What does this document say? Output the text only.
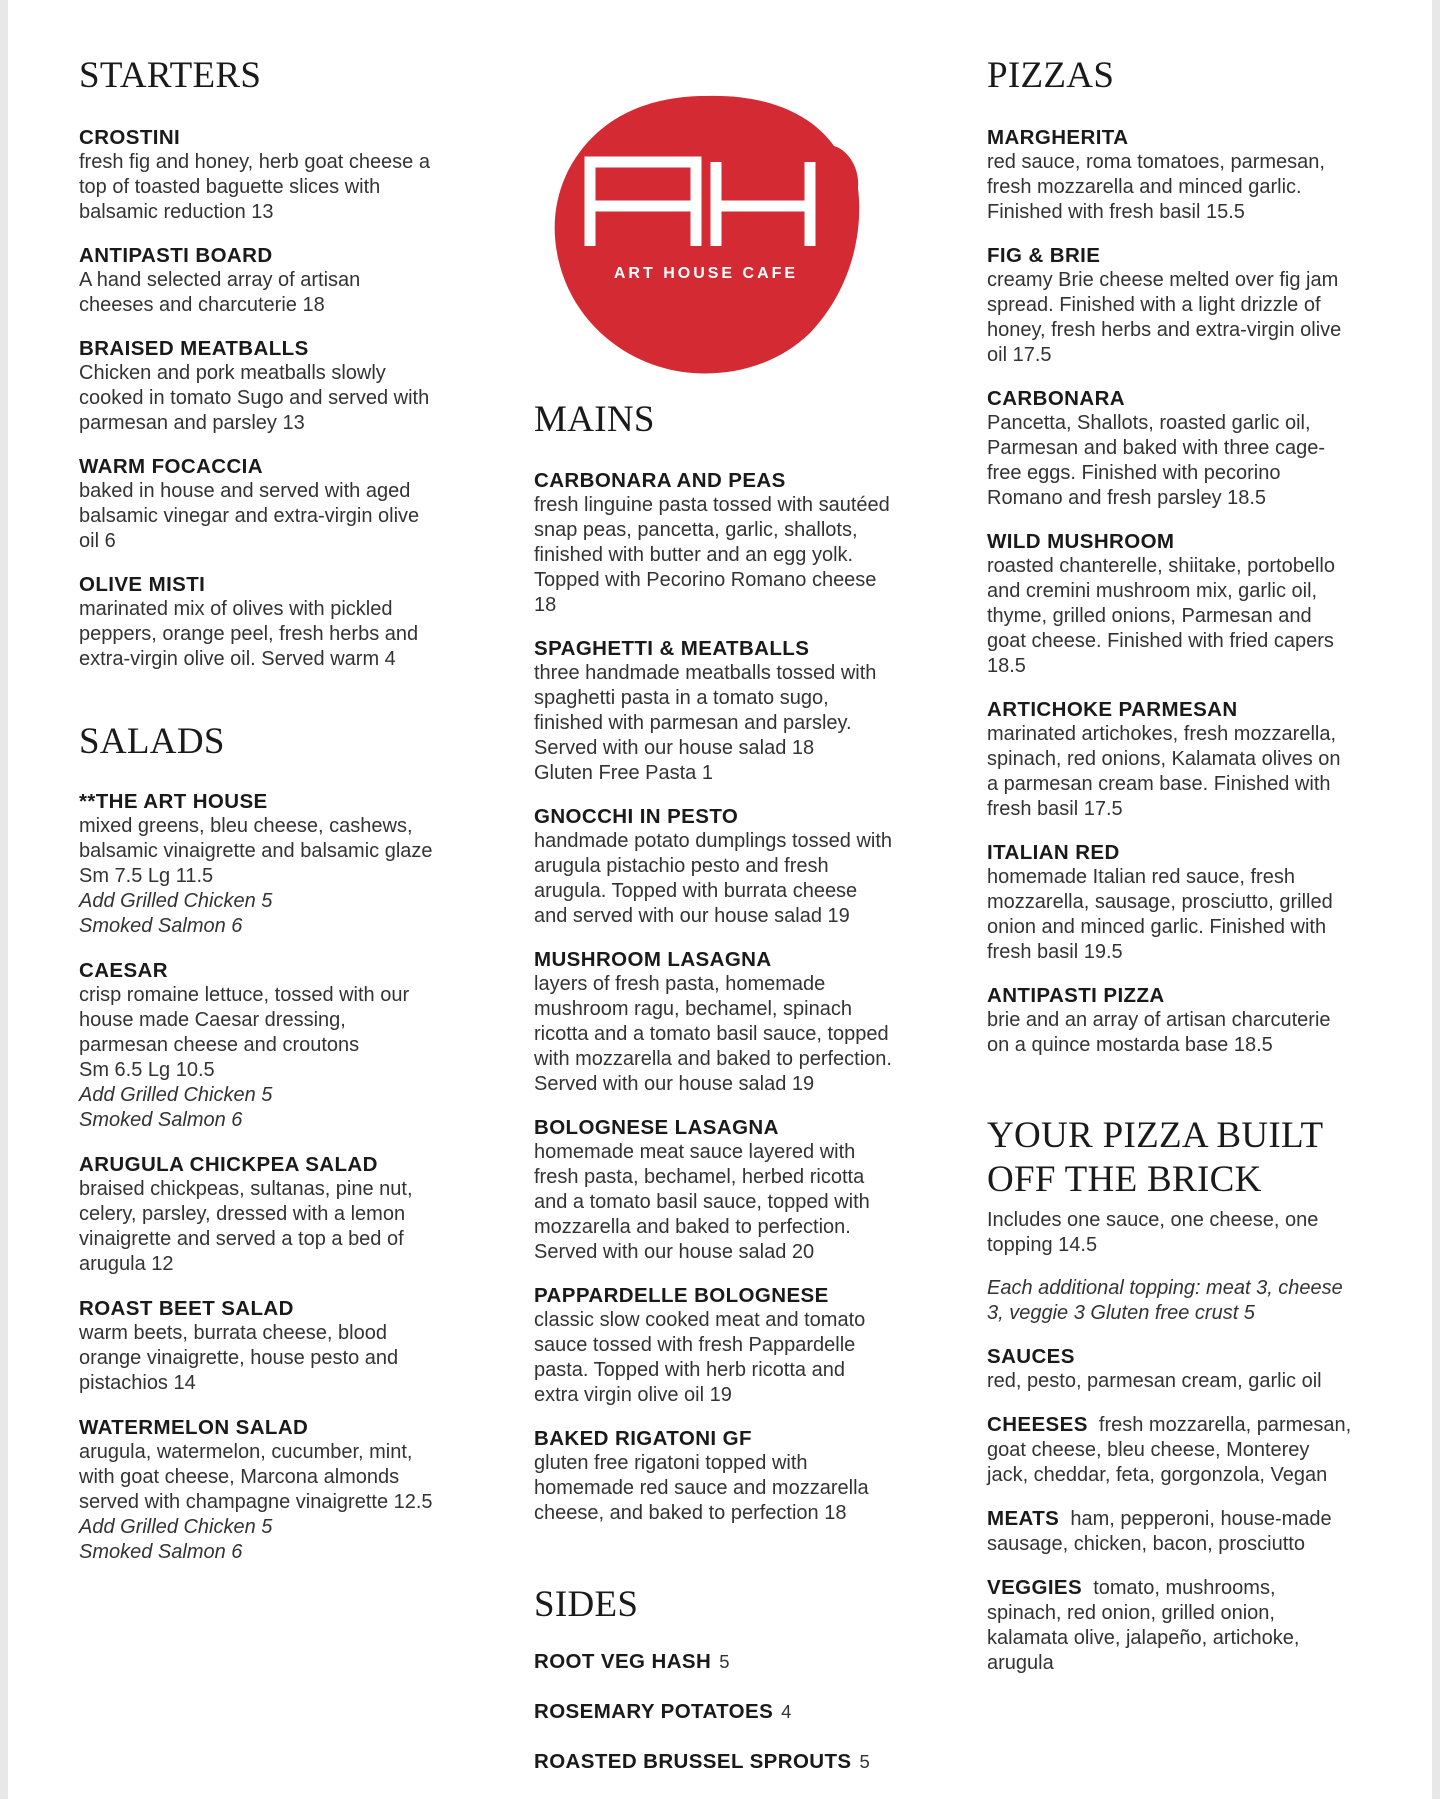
STARTERS
CROSTINI
fresh fig and honey, herb goat cheese a
top of toasted baguette slices with
balsamic reduction 13
ANTIPASTI BOARD
A hand selected array of artisan
cheeses and charcuterie 18
BRAISED MEATBALLS
Chicken and pork meatballs slowly
cooked in tomato Sugo and served with
parmesan and parsley 13
WARM FOCACCIA
baked in house and served with aged
balsamic vinegar and extra-virgin olive
oil 6
OLIVE MISTI
marinated mix of olives with pickled
peppers, orange peel, fresh herbs and
extra-virgin olive oil. Served warm 4
SALADS
**THE ART HOUSE
mixed greens, bleu cheese, cashews,
balsamic vinaigrette and balsamic glaze
Sm 7.5 Lg 11.5
Add Grilled Chicken 5
Smoked Salmon 6
CAESAR
crisp romaine lettuce, tossed with our
house made Caesar dressing,
parmesan cheese and croutons
Sm 6.5 Lg 10.5
Add Grilled Chicken 5
Smoked Salmon 6
ARUGULA CHICKPEA SALAD
braised chickpeas, sultanas, pine nut,
celery, parsley, dressed with a lemon
vinaigrette and served a top a bed of
arugula 12
ROAST BEET SALAD
warm beets, burrata cheese, blood
orange vinaigrette, house pesto and
pistachios 14
WATERMELON SALAD
arugula, watermelon, cucumber, mint,
with goat cheese, Marcona almonds
served with champagne vinaigrette 12.5
Add Grilled Chicken 5
Smoked Salmon 6
ART HOUSE CAFE
MAINS
CARBONARA AND PEAS
fresh linguine pasta tossed with sautéed
snap peas, pancetta, garlic, shallots,
finished with butter and an egg yolk.
Topped with Pecorino Romano cheese
18
SPAGHETTI & MEATBALLS
three handmade meatballs tossed with
spaghetti pasta in a tomato sugo,
finished with parmesan and parsley.
Served with our house salad 18
Gluten Free Pasta 1
GNOCCHI IN PESTO
handmade potato dumplings tossed with
arugula pistachio pesto and fresh
arugula. Topped with burrata cheese
and served with our house salad 19
MUSHROOM LASAGNA
layers of fresh pasta, homemade
mushroom ragu, bechamel, spinach
ricotta and a tomato basil sauce, topped
with mozzarella and baked to perfection.
Served with our house salad 19
BOLOGNESE LASAGNA
homemade meat sauce layered with
fresh pasta, bechamel, herbed ricotta
and a tomato basil sauce, topped with
mozzarella and baked to perfection.
Served with our house salad 20
PAPPARDELLE BOLOGNESE
classic slow cooked meat and tomato
sauce tossed with fresh Pappardelle
pasta. Topped with herb ricotta and
extra virgin olive oil 19
BAKED RIGATONI GF
gluten free rigatoni topped with
homemade red sauce and mozzarella
cheese, and baked to perfection 18
SIDES
ROOT VEG HASH 5
ROSEMARY POTATOES 4
ROASTED BRUSSEL SPROUTS 5
PIZZAS
MARGHERITA
red sauce, roma tomatoes, parmesan,
fresh mozzarella and minced garlic.
Finished with fresh basil 15.5
FIG & BRIE
creamy Brie cheese melted over fig jam
spread. Finished with a light drizzle of
honey, fresh herbs and extra-virgin olive
oil 17.5
CARBONARA
Pancetta, Shallots, roasted garlic oil,
Parmesan and baked with three cage-
free eggs. Finished with pecorino
Romano and fresh parsley 18.5
WILD MUSHROOM
roasted chanterelle, shiitake, portobello
and cremini mushroom mix, garlic oil,
thyme, grilled onions, Parmesan and
goat cheese. Finished with fried capers
18.5
ARTICHOKE PARMESAN
marinated artichokes, fresh mozzarella,
spinach, red onions, Kalamata olives on
a parmesan cream base. Finished with
fresh basil 17.5
ITALIAN RED
homemade Italian red sauce, fresh
mozzarella, sausage, prosciutto, grilled
onion and minced garlic. Finished with
fresh basil 19.5
ANTIPASTI PIZZA
brie and an array of artisan charcuterie
on a quince mostarda base 18.5
YOUR PIZZA BUILT
OFF THE BRICK
Includes one sauce, one cheese, one
topping 14.5
Each additional topping: meat 3, cheese
3, veggie 3 Gluten free crust 5
SAUCES
red, pesto, parmesan cream, garlic oil
CHEESES fresh mozzarella, parmesan,
goat cheese, bleu cheese, Monterey
jack, cheddar, feta, gorgonzola, Vegan
MEATS ham, pepperoni, house-made
sausage, chicken, bacon, prosciutto
VEGGIES tomato, mushrooms,
spinach, red onion, grilled onion,
kalamata olive, jalapeño, artichoke,
arugula
